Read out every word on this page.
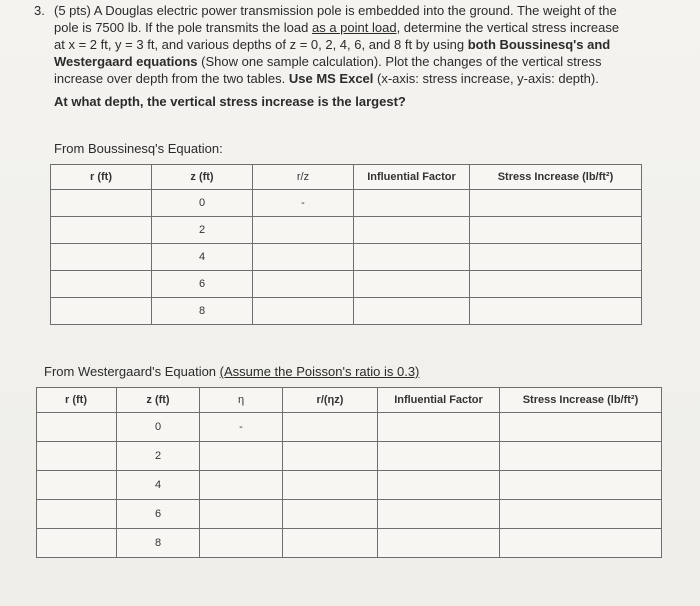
3. (5 pts) A Douglas electric power transmission pole is embedded into the ground. The weight of the
pole is 7500 lb. If the pole transmits the load as a point load, determine the vertical stress increase
at x = 2 ft, y = 3 ft, and various depths of z = 0, 2, 4, 6, and 8 ft by using both Boussinesq's and
Westergaard equations (Show one sample calculation). Plot the changes of the vertical stress
increase over depth from the two tables. Use MS Excel (x-axis: stress increase, y-axis: depth).
At what depth, the vertical stress increase is the largest?
From Boussinesq's Equation:
r (ft)	z (ft)	r/z	Influential Factor	Stress Increase (lb/ft²)
	0	-		
	2			
	4			
	6			
	8			
From Westergaard's Equation (Assume the Poisson's ratio is 0.3)
r (ft)	z (ft)	η	r/(ηz)	Influential Factor	Stress Increase (lb/ft²)
	0	-			
	2				
	4				
	6				
	8				
